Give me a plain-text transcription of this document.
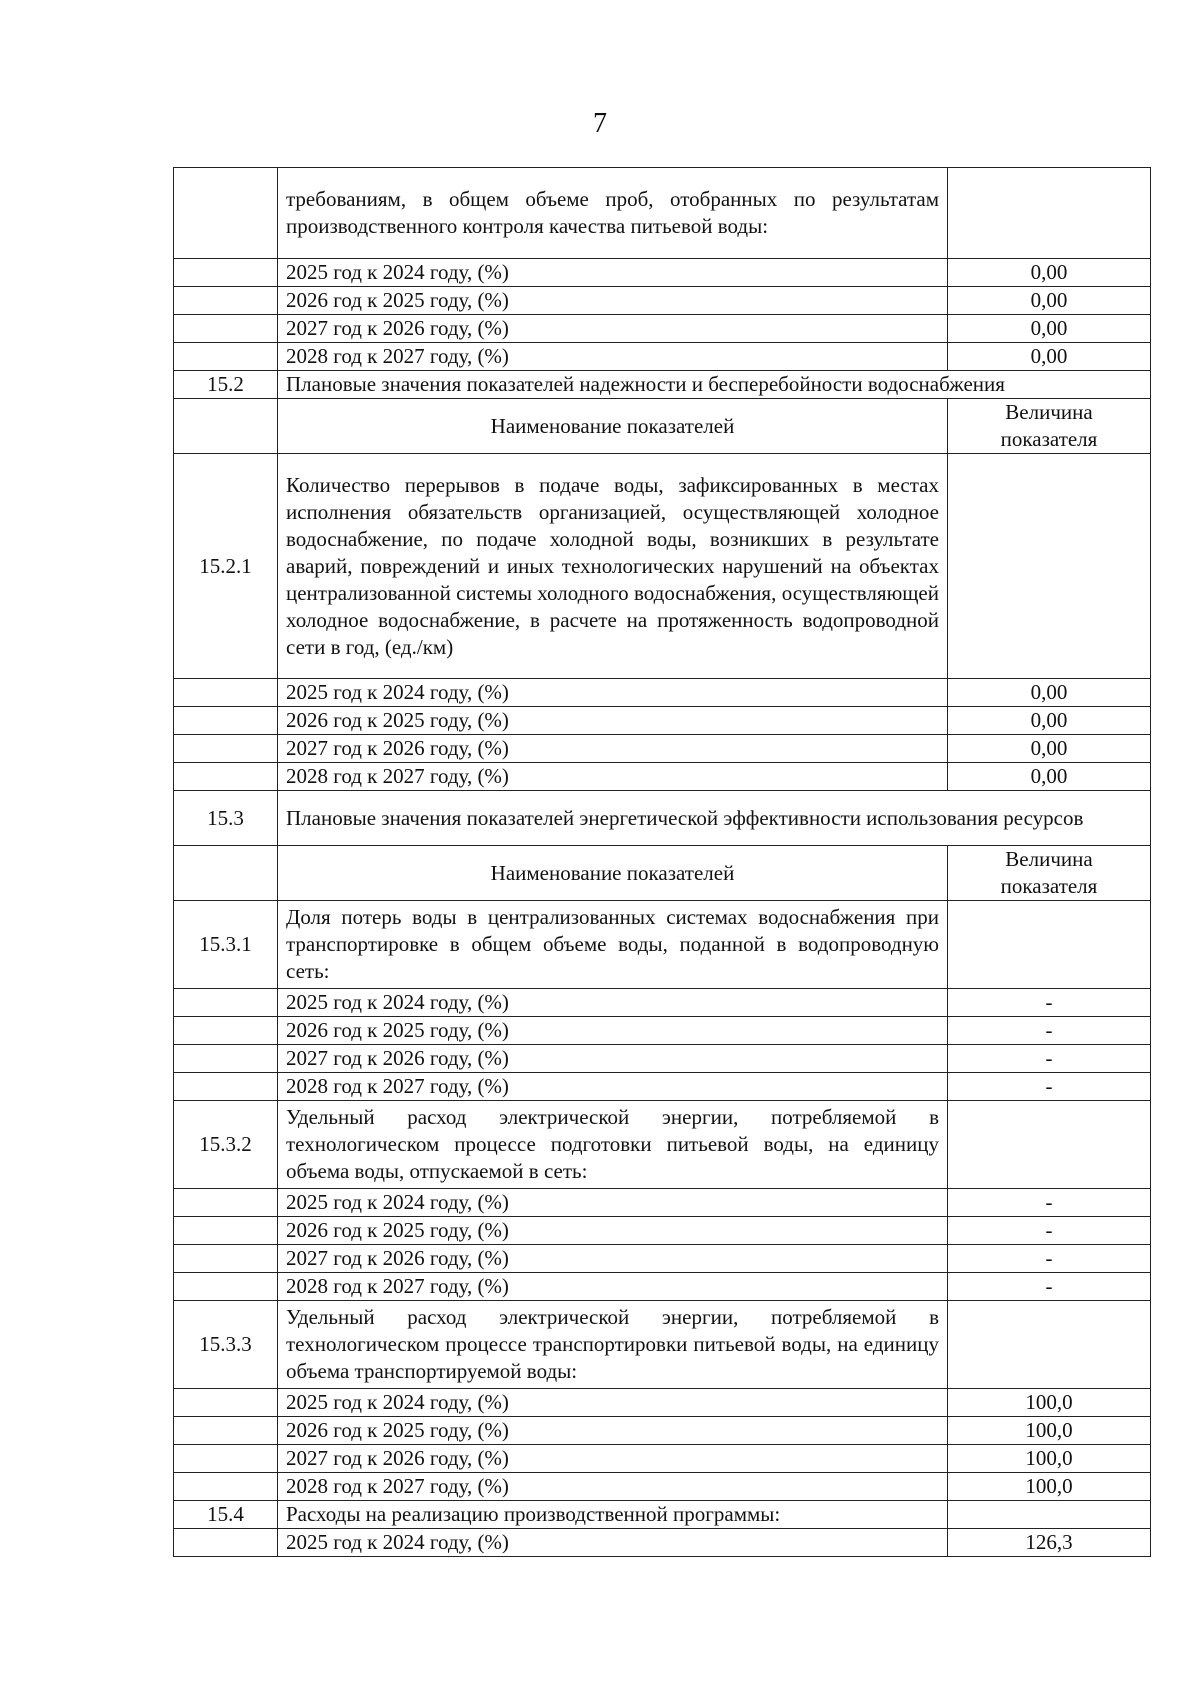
7
	требованиям, в общем объеме проб, отобранных по результатам производственного контроля качества питьевой воды:	
	2025 год к 2024 году, (%)	0,00
	2026 год к 2025 году, (%)	0,00
	2027 год к 2026 году, (%)	0,00
	2028 год к 2027 году, (%)	0,00
15.2	Плановые значения показателей надежности и бесперебойности водоснабжения	
	Наименование показателей	Величина показателя
15.2.1	Количество перерывов в подаче воды, зафиксированных в местах исполнения обязательств организацией, осуществляющей холодное водоснабжение, по подаче холодной воды, возникших в результате аварий, повреждений и иных технологических нарушений на объектах централизованной системы холодного водоснабжения, осуществляющей холодное водоснабжение, в расчете на протяженность водопроводной сети в год, (ед./км)	
	2025 год к 2024 году, (%)	0,00
	2026 год к 2025 году, (%)	0,00
	2027 год к 2026 году, (%)	0,00
	2028 год к 2027 году, (%)	0,00
15.3	Плановые значения показателей энергетической эффективности использования ресурсов	
	Наименование показателей	Величина показателя
15.3.1	Доля потерь воды в централизованных системах водоснабжения при транспортировке в общем объеме воды, поданной в водопроводную сеть:	
	2025 год к 2024 году, (%)	-
	2026 год к 2025 году, (%)	-
	2027 год к 2026 году, (%)	-
	2028 год к 2027 году, (%)	-
15.3.2	Удельный расход электрической энергии, потребляемой в технологическом процессе подготовки питьевой воды, на единицу объема воды, отпускаемой в сеть:	
	2025 год к 2024 году, (%)	-
	2026 год к 2025 году, (%)	-
	2027 год к 2026 году, (%)	-
	2028 год к 2027 году, (%)	-
15.3.3	Удельный расход электрической энергии, потребляемой в технологическом процессе транспортировки питьевой воды, на единицу объема транспортируемой воды:	
	2025 год к 2024 году, (%)	100,0
	2026 год к 2025 году, (%)	100,0
	2027 год к 2026 году, (%)	100,0
	2028 год к 2027 году, (%)	100,0
15.4	Расходы на реализацию производственной программы:	
	2025 год к 2024 году, (%)	126,3
